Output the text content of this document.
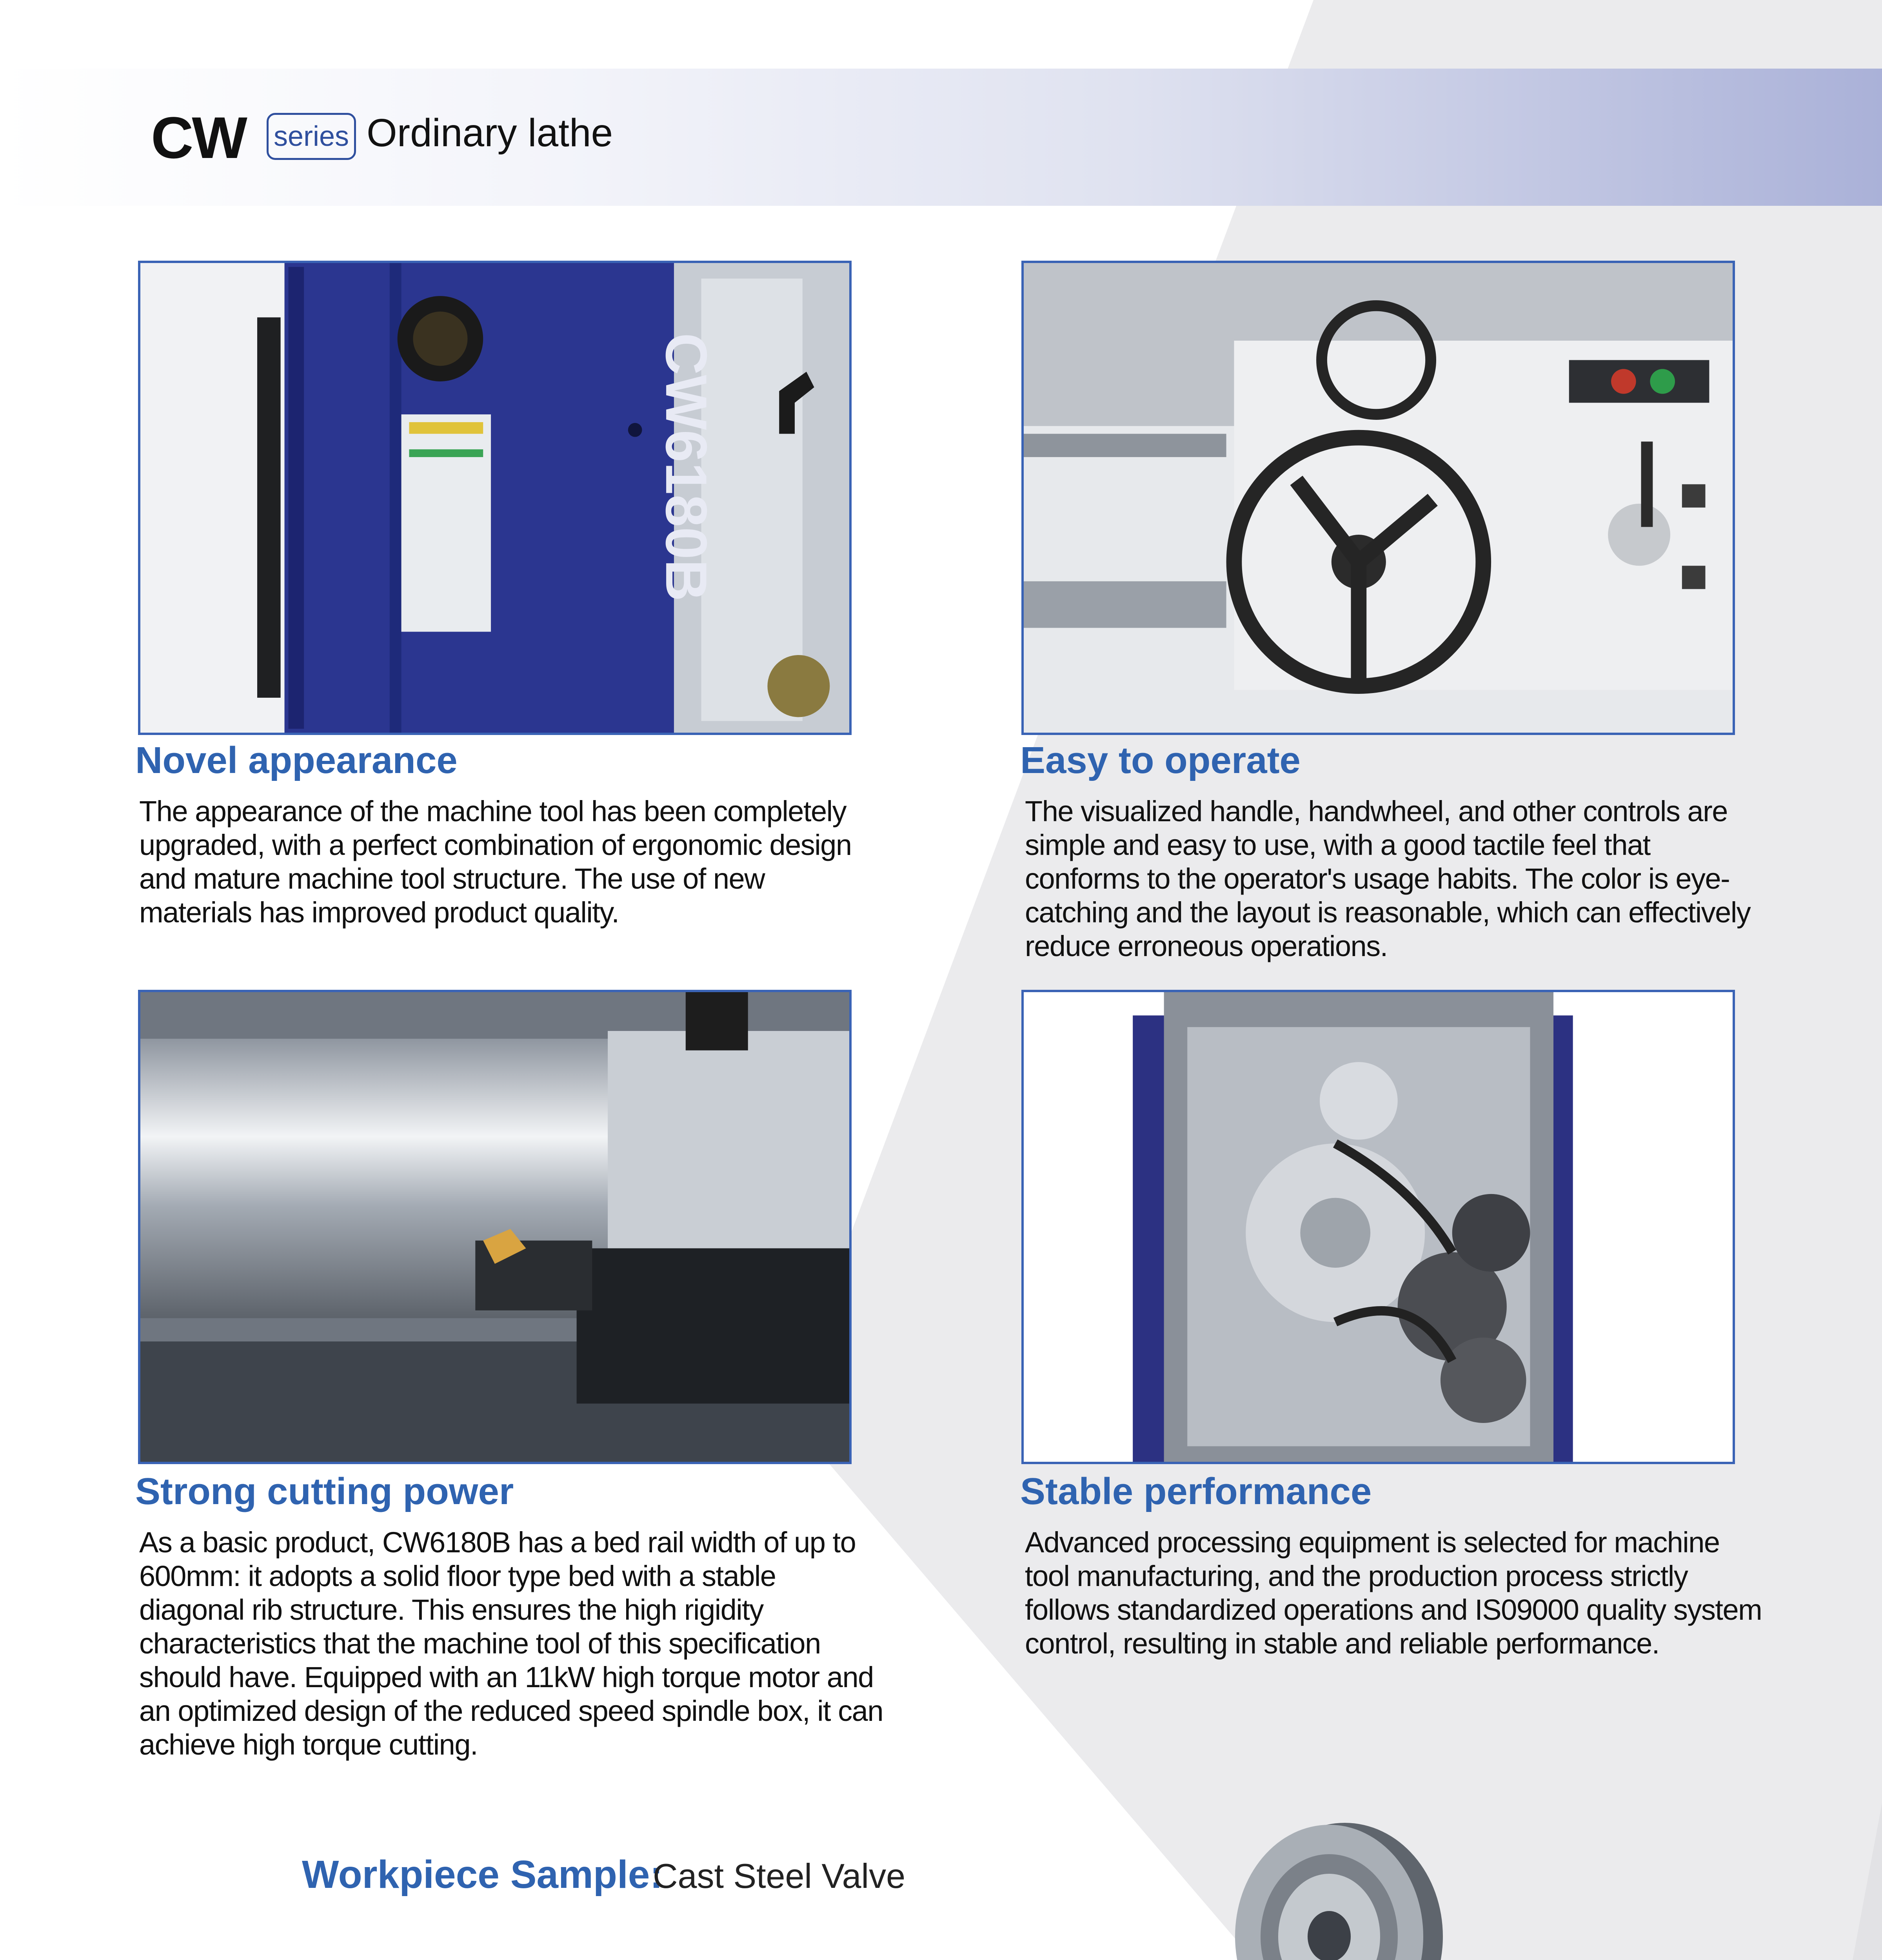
CW series Ordinary lathe
CW6180B
Novel appearance
The appearance of the machine tool has been completely upgraded, with a perfect combination of ergonomic design and mature machine tool structure. The use of new materials has improved product quality.
Easy to operate
The visualized handle, handwheel, and other controls are simple and easy to use, with a good tactile feel that conforms to the operator's usage habits. The color is eye-catching and the layout is reasonable, which can effectively reduce erroneous operations.
Strong cutting power
As a basic product, CW6180B has a bed rail width of up to 600mm: it adopts a solid floor type bed with a stable diagonal rib structure. This ensures the high rigidity characteristics that the machine tool of this specification should have. Equipped with an 11kW high torque motor and an optimized design of the reduced speed spindle box, it can achieve high torque cutting.
Stable performance
Advanced processing equipment is selected for machine tool manufacturing, and the production process strictly follows standardized operations and IS09000 quality system control, resulting in stable and reliable performance.
Workpiece Sample:
Cast Steel Valve
